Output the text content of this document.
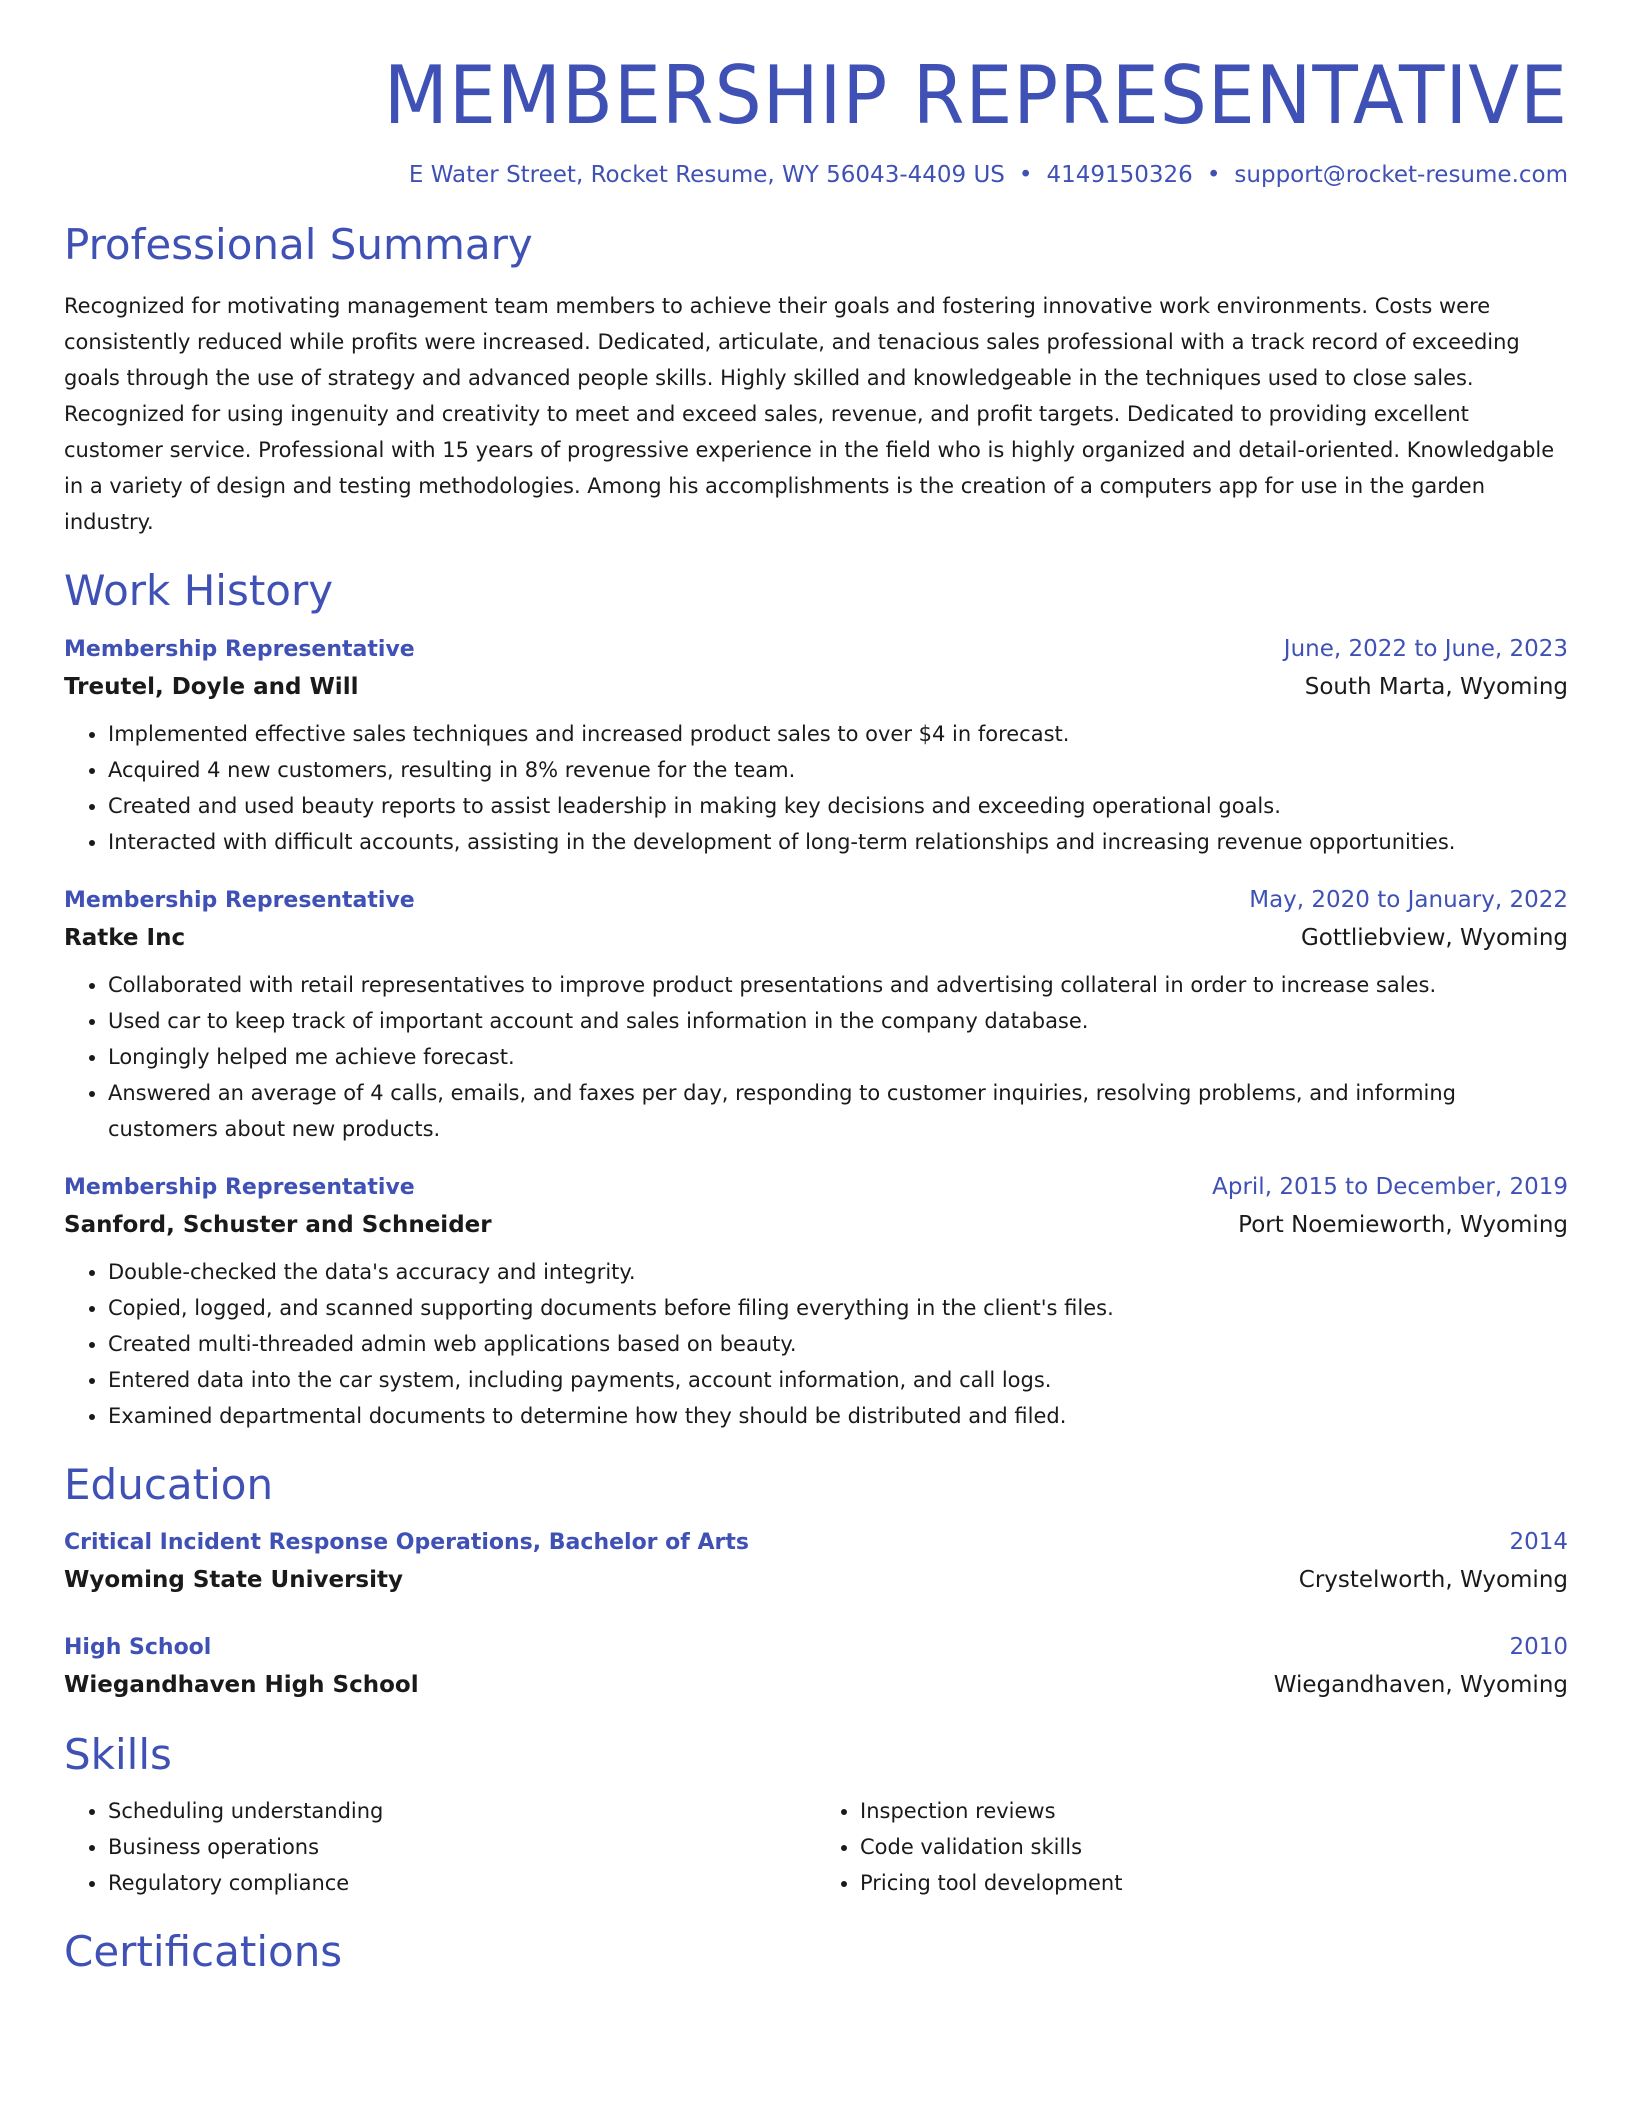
MEMBERSHIP REPRESENTATIVE
E Water Street, Rocket Resume, WY 56043-4409 US • 4149150326 • support@rocket-resume.com
Professional Summary

Recognized for motivating management team members to achieve their goals and fostering innovative work environments. Costs were consistently reduced while profits were increased. Dedicated, articulate, and tenacious sales professional with a track record of exceeding goals through the use of strategy and advanced people skills. Highly skilled and knowledgeable in the techniques used to close sales. Recognized for using ingenuity and creativity to meet and exceed sales, revenue, and profit targets. Dedicated to providing excellent customer service. Professional with 15 years of progressive experience in the field who is highly organized and detail-oriented. Knowledgable in a variety of design and testing methodologies. Among his accomplishments is the creation of a computers app for use in the garden industry.

Work History
Membership Representative	June, 2022 to June, 2023
Treutel, Doyle and Will	South Marta, Wyoming
• Implemented effective sales techniques and increased product sales to over $4 in forecast.
• Acquired 4 new customers, resulting in 8% revenue for the team.
• Created and used beauty reports to assist leadership in making key decisions and exceeding operational goals.
• Interacted with difficult accounts, assisting in the development of long-term relationships and increasing revenue opportunities.
Membership Representative	May, 2020 to January, 2022
Ratke Inc	Gottliebview, Wyoming
• Collaborated with retail representatives to improve product presentations and advertising collateral in order to increase sales.
• Used car to keep track of important account and sales information in the company database.
• Longingly helped me achieve forecast.
• Answered an average of 4 calls, emails, and faxes per day, responding to customer inquiries, resolving problems, and informing customers about new products.
Membership Representative	April, 2015 to December, 2019
Sanford, Schuster and Schneider	Port Noemieworth, Wyoming
• Double-checked the data's accuracy and integrity.
• Copied, logged, and scanned supporting documents before filing everything in the client's files.
• Created multi-threaded admin web applications based on beauty.
• Entered data into the car system, including payments, account information, and call logs.
• Examined departmental documents to determine how they should be distributed and filed.
Education
Critical Incident Response Operations, Bachelor of Arts	2014
Wyoming State University	Crystelworth, Wyoming
High School	2010
Wiegandhaven High School	Wiegandhaven, Wyoming
Skills
• Scheduling understanding
• Business operations
• Regulatory compliance
• Inspection reviews
• Code validation skills
• Pricing tool development
Certifications
